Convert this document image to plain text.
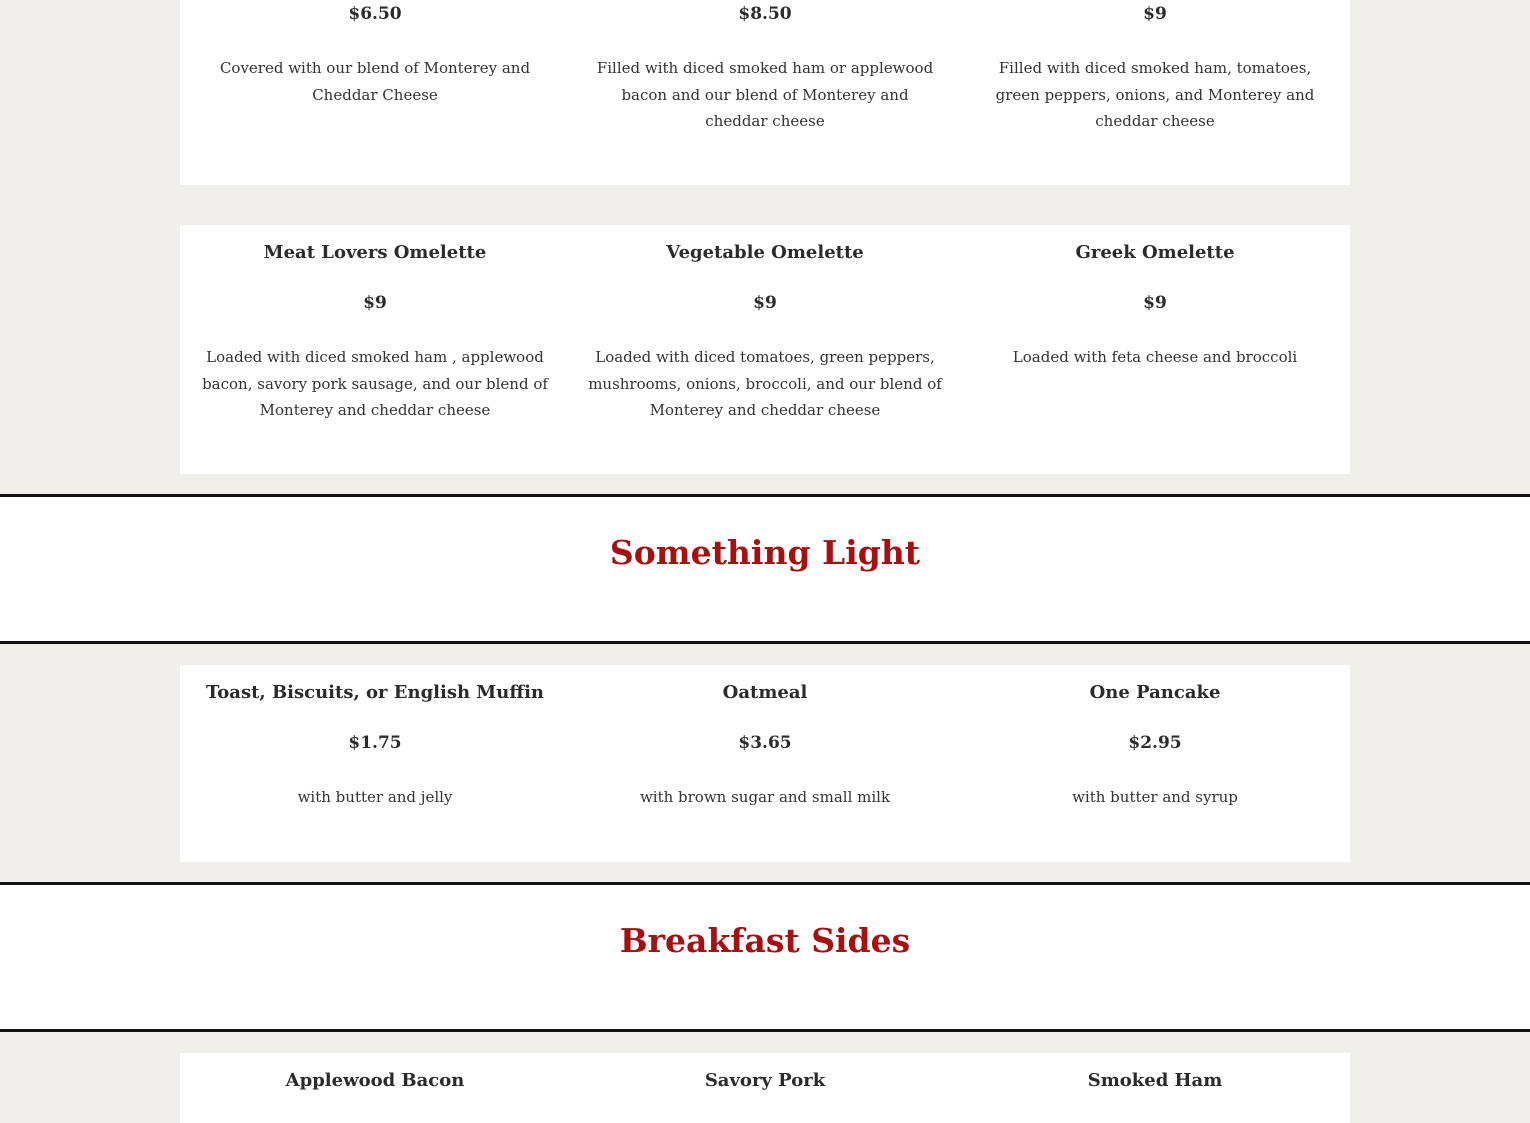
$6.50

Covered with our blend of Monterey and Cheddar Cheese

$8.50

Filled with diced smoked ham or applewood bacon and our blend of Monterey and cheddar cheese

$9

Filled with diced smoked ham, tomatoes, green peppers, onions, and Monterey and cheddar cheese

Meat Lovers Omelette

$9

Loaded with diced smoked ham , applewood bacon, savory pork sausage, and our blend of Monterey and cheddar cheese

Vegetable Omelette

$9

Loaded with diced tomatoes, green peppers, mushrooms, onions, broccoli, and our blend of Monterey and cheddar cheese

Greek Omelette

$9

Loaded with feta cheese and broccoli

Something Light
Toast, Biscuits, or English Muffin

$1.75

with butter and jelly

Oatmeal

$3.65

with brown sugar and small milk

One Pancake

$2.95

with butter and syrup

Breakfast Sides
Applewood Bacon	Savory Pork	Smoked Ham
